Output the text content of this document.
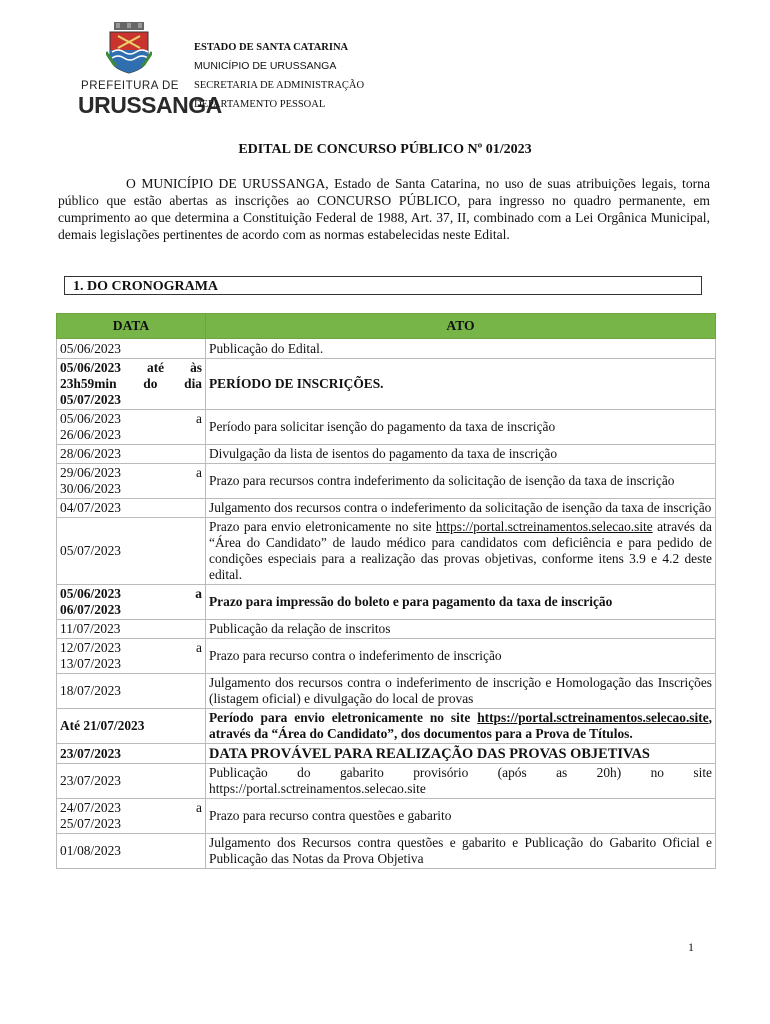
PREFEITURA DE
URUSSANGA
ESTADO DE SANTA CATARINA
MUNICÍPIO DE URUSSANGA
SECRETARIA DE ADMINISTRAÇÃO
DEPARTAMENTO PESSOAL
EDITAL DE CONCURSO PÚBLICO Nº 01/2023
O MUNICÍPIO DE URUSSANGA, Estado de Santa Catarina, no uso de suas atribuições legais, torna público que estão abertas as inscrições ao CONCURSO PÚBLICO, para ingresso no quadro permanente, em cumprimento ao que determina a Constituição Federal de 1988, Art. 37, II, combinado com a Lei Orgânica Municipal, demais legislações pertinentes de acordo com as normas estabelecidas neste Edital.
1. DO CRONOGRAMA
DATA	ATO
05/06/2023	Publicação do Edital.
05/06/2023 até às 23h59min do dia 05/07/2023	PERÍODO DE INSCRIÇÕES.

05/06/2023 a
26/06/2023	Período para solicitar isenção do pagamento da taxa de inscrição
28/06/2023	Divulgação da lista de isentos do pagamento da taxa de inscrição

29/06/2023 a
30/06/2023	Prazo para recursos contra indeferimento da solicitação de isenção da taxa de inscrição
04/07/2023	Julgamento dos recursos contra o indeferimento da solicitação de isenção da taxa de inscrição
05/07/2023	Prazo para envio eletronicamente no site https://portal.sctreinamentos.selecao.site através da “Área do Candidato” de laudo médico para candidatos com deficiência e para pedido de condições especiais para a realização das provas objetivas, conforme itens 3.9 e 4.2 deste edital.

05/06/2023 a
06/07/2023	Prazo para impressão do boleto e para pagamento da taxa de inscrição
11/07/2023	Publicação da relação de inscritos

12/07/2023 a
13/07/2023	Prazo para recurso contra o indeferimento de inscrição
18/07/2023	Julgamento dos recursos contra o indeferimento de inscrição e Homologação das Inscrições (listagem oficial) e divulgação do local de provas
Até 21/07/2023	Período para envio eletronicamente no site https://portal.sctreinamentos.selecao.site, através da “Área do Candidato”, dos documentos para a Prova de Títulos.
23/07/2023	DATA PROVÁVEL PARA REALIZAÇÃO DAS PROVAS OBJETIVAS
23/07/2023	Publicação do gabarito provisório (após as 20h) no site https://portal.sctreinamentos.selecao.site

24/07/2023 a
25/07/2023	Prazo para recurso contra questões e gabarito
01/08/2023	Julgamento dos Recursos contra questões e gabarito e Publicação do Gabarito Oficial e Publicação das Notas da Prova Objetiva
1
